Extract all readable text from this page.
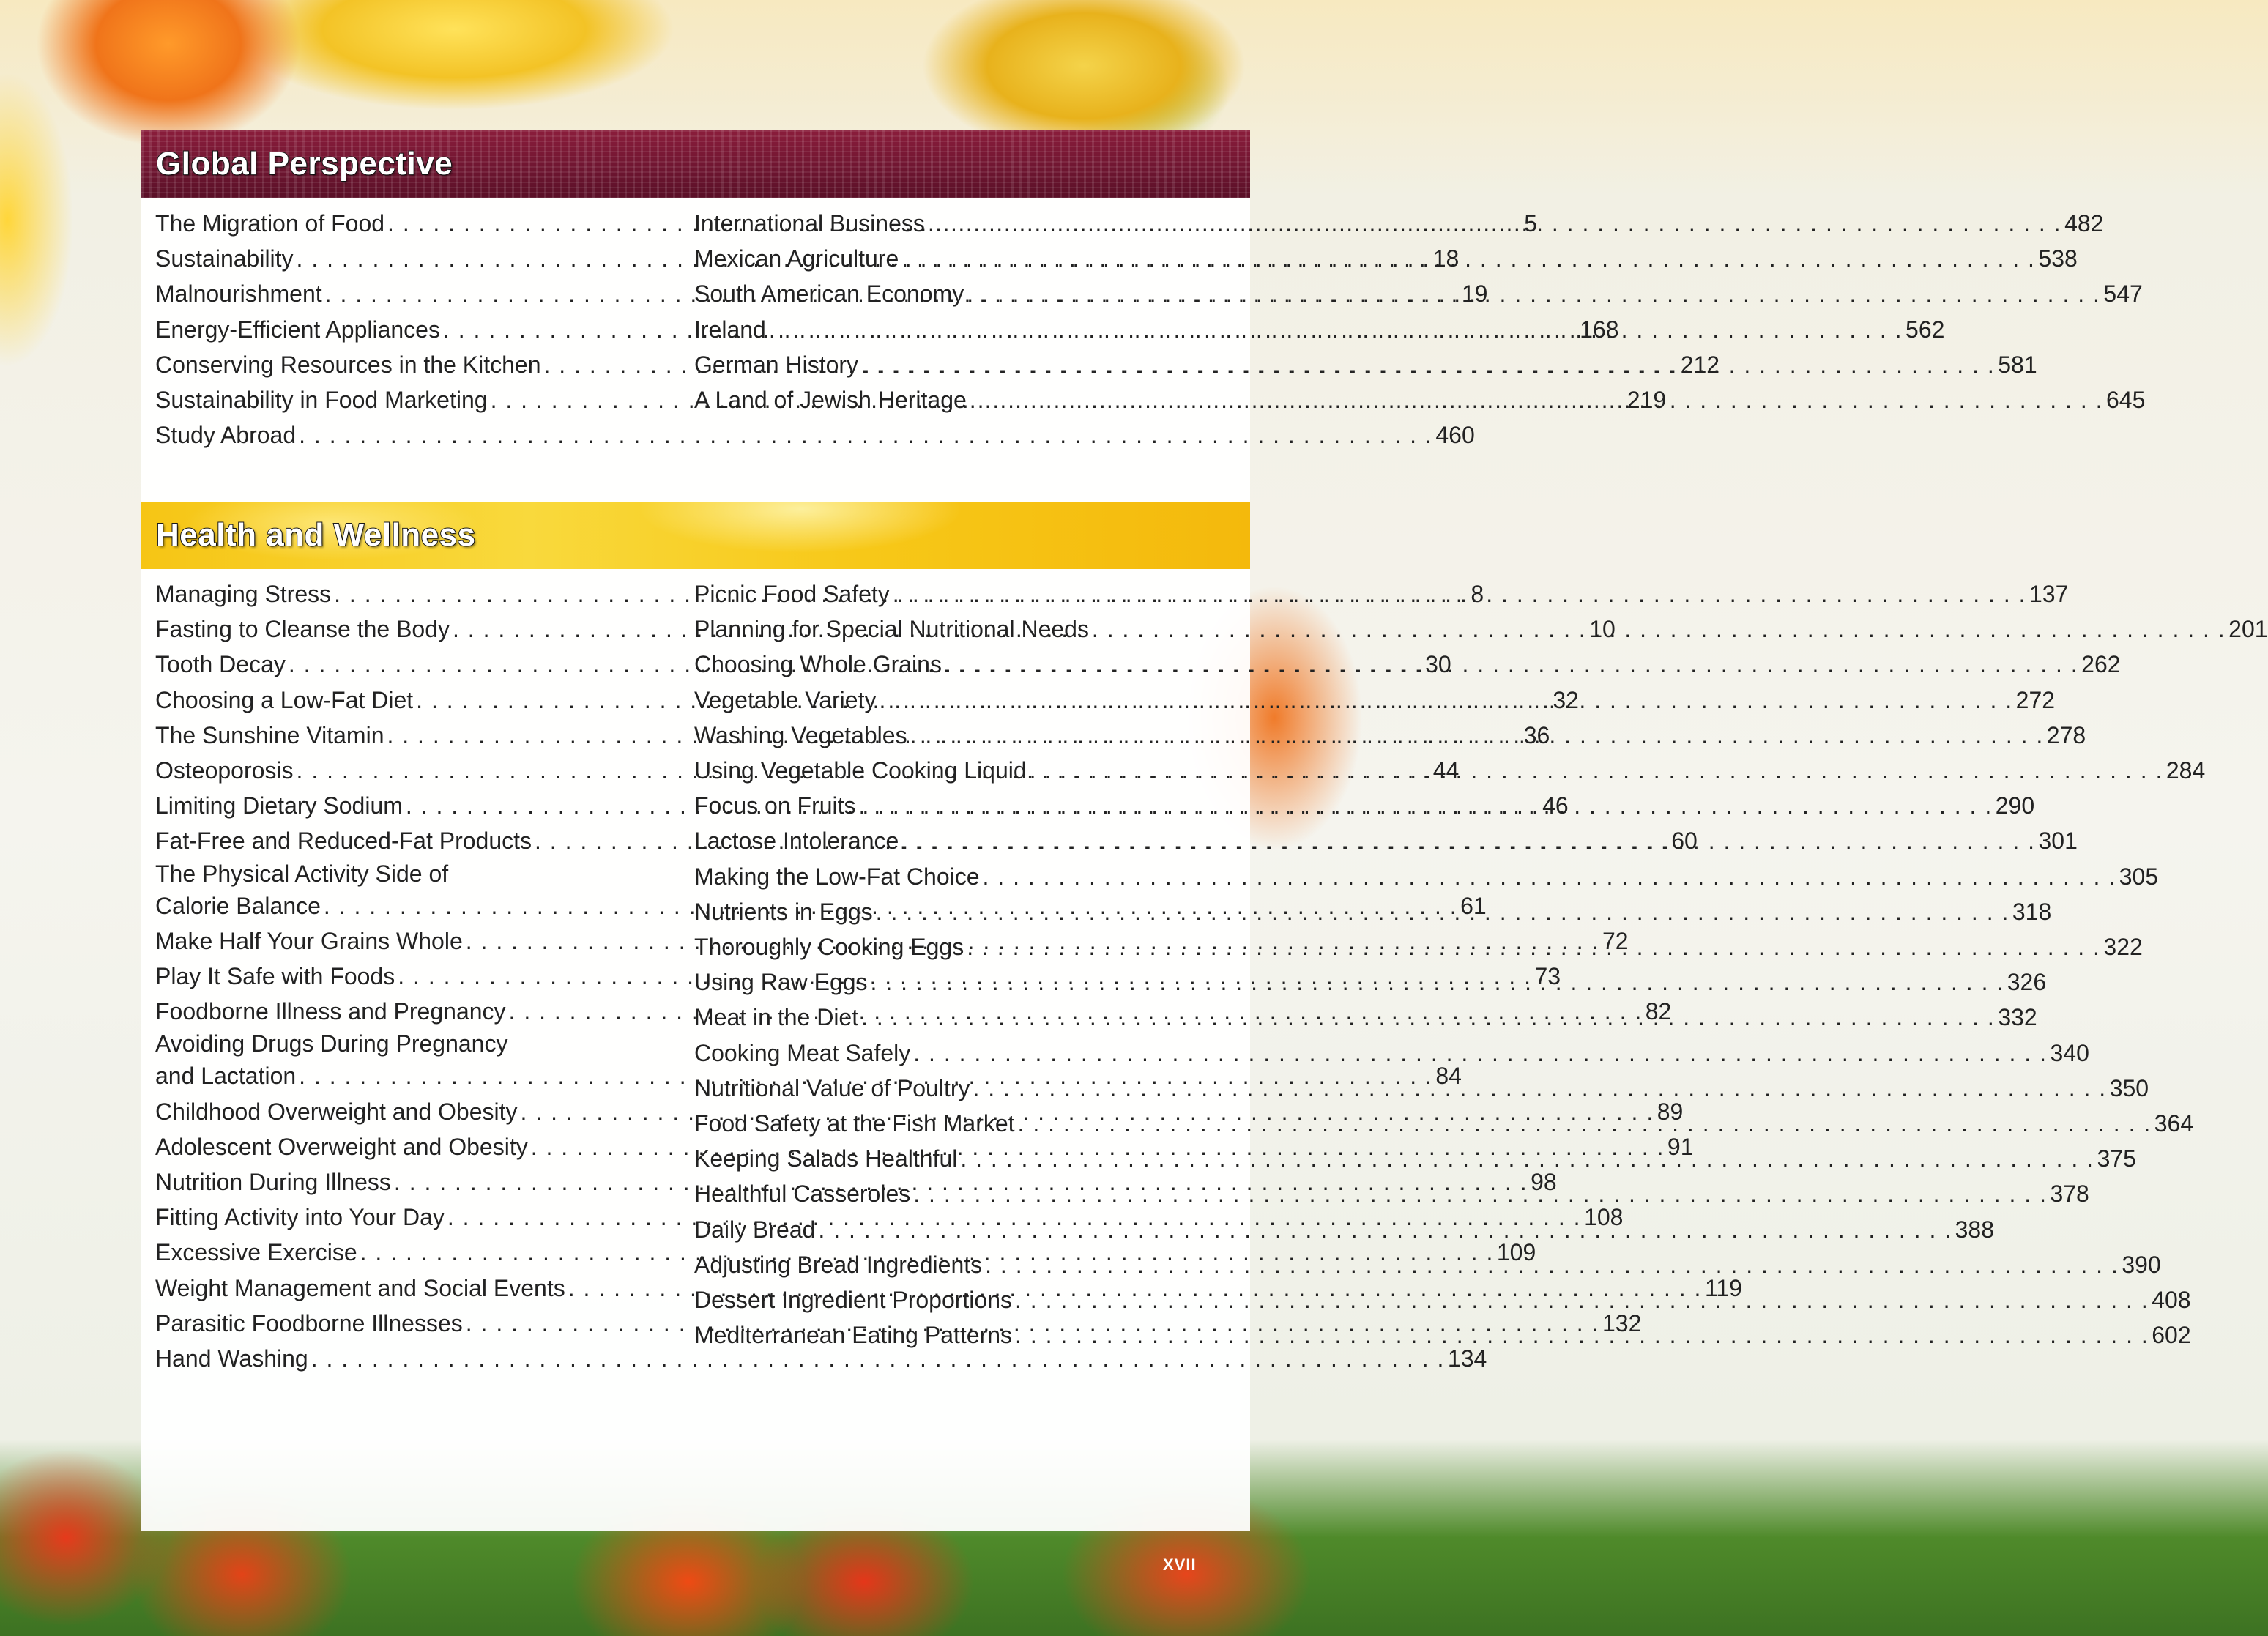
Global Perspective
The Migration of Food . . .	5
Sustainability . . .	18
Malnourishment . . .	19
Energy-Efficient Appliances . . .	168
Conserving Resources in the Kitchen . . .	212
Sustainability in Food Marketing . . .	219
Study Abroad . . .	460
International Business . . .	482
Mexican Agriculture . . .	538
South American Economy . . .	547
Ireland . . .	562
German History . . .	581
A Land of Jewish Heritage . . .	645
Health and Wellness
Managing Stress . . .	8
Fasting to Cleanse the Body . . .	10
Tooth Decay . . .	30
Choosing a Low-Fat Diet . . .	32
The Sunshine Vitamin . . .	36
Osteoporosis . . .	44
Limiting Dietary Sodium . . .	46
Fat-Free and Reduced-Fat Products . . .	60
The Physical Activity Side of
Calorie Balance . . .	61
Make Half Your Grains Whole . . .	72
Play It Safe with Foods . . .	73
Foodborne Illness and Pregnancy . . .	82
Avoiding Drugs During Pregnancy
and Lactation . . .	84
Childhood Overweight and Obesity . . .	89
Adolescent Overweight and Obesity . . .	91
Nutrition During Illness . . .	98
Fitting Activity into Your Day . . .	108
Excessive Exercise . . .	109
Weight Management and Social Events . . .	119
Parasitic Foodborne Illnesses . . .	132
Hand Washing . . .	134
Picnic Food Safety . . .	137
Planning for Special Nutritional Needs . . .	201
Choosing Whole Grains . . .	262
Vegetable Variety . . .	272
Washing Vegetables . . .	278
Using Vegetable Cooking Liquid . . .	284
Focus on Fruits . . .	290
Lactose Intolerance . . .	301
Making the Low-Fat Choice . . .	305
Nutrients in Eggs . . .	318
Thoroughly Cooking Eggs . . .	322
Using Raw Eggs . . .	326
Meat in the Diet . . .	332
Cooking Meat Safely . . .	340
Nutritional Value of Poultry . . .	350
Food Safety at the Fish Market . . .	364
Keeping Salads Healthful . . .	375
Healthful Casseroles . . .	378
Daily Bread . . .	388
Adjusting Bread Ingredients . . .	390
Dessert Ingredient Proportions . . .	408
Mediterranean Eating Patterns . . .	602
XVII
